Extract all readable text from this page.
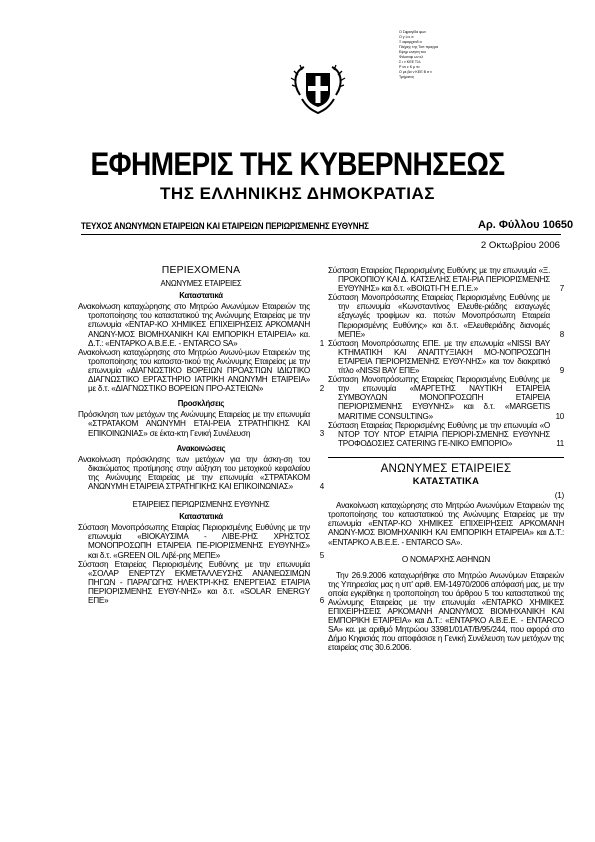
Ο Σφραγίδα φων
Ο γ ύ κ σ
Ξ αφαρχισιδ α
Πλήρης της Τυπ πραγρα
Εφημ ωνηση του
Φιλοσοφ ων κλ
Σ ι ν ΚΕΕ Τλλ
Ρ ον ε Κ μ το
Ο με βα ν ΚΕΕ Β σ ν
Τμήματος
ΕΦΗΜΕΡΙΣ ΤΗΣ ΚΥΒΕΡΝΗΣΕΩΣ
ΤΗΣ ΕΛΛΗΝΙΚΗΣ ΔΗΜΟΚΡΑΤΙΑΣ
ΤΕΥΧΟΣ ΑΝΩΝΥΜΩΝ ΕΤΑΙΡΕΙΩΝ ΚΑΙ ΕΤΑΙΡΕΙΩΝ ΠΕΡΙΩΡΙΣΜΕΝΗΣ ΕΥΘΥΝΗΣ	Αρ. Φύλλου 10650
2 Οκτωβρίου 2006
ΠΕΡΙΕΧΟΜΕΝΑ
ΑΝΩΝΥΜΕΣ ΕΤΑΙΡΕΙΕΣ
Καταστατικά

Ανακοίνωση καταχώρησης στο Μητρώο Ανωνύμων Εταιρειών της τροποποίησης του καταστατικού της Ανώνυμης Εταιρείας με την επωνυμία «ΕΝΤΑΡ-ΚΟ ΧΗΜΙΚΕΣ ΕΠΙΧΕΙΡΗΣΕΙΣ ΑΡΚΟΜΑΝΗ ΑΝΩΝΥ-ΜΟΣ ΒΙΟΜΗΧΑΝΙΚΗ ΚΑΙ ΕΜΠΟΡΙΚΗ ΕΤΑΙΡΕΙΑ» κα. Δ.Τ.: «ΕΝΤΑΡΚΟ Α.Β.Ε.Ε. - ENTARCO SA»	1

Ανακοίνωση καταχώρησης στο Μητρώο Ανωνύ-μων Εταιρειών της τροποποίησης του καταστα-τικού της Ανώνυμης Εταιρείας με την επωνυμία «ΔΙΑΓΝΩΣΤΙΚΟ ΒΟΡΕΙΩΝ ΠΡΟΑΣΤΙΩΝ ΙΔΙΩΤΙΚΟ ΔΙΑΓΝΩΣΤΙΚΟ ΕΡΓΑΣΤΗΡΙΟ ΙΑΤΡΙΚΗ ΑΝΩΝΥΜΗ ΕΤΑΙΡΕΙΑ» με δ.τ. «ΔΙΑΓΝΩΣΤΙΚΟ ΒΟΡΕΙΩΝ ΠΡΟ-ΑΣΤΕΙΩΝ»	2

Προσκλήσεις

Πρόσκληση των μετόχων της Ανώνυμης Εταιρείας με την επωνυμία «ΣΤΡΑΤΑΚΟΜ ΑΝΩΝΥΜΗ ΕΤΑΙ-ΡΕΙΑ ΣΤΡΑΤΗΓΙΚΗΣ ΚΑΙ ΕΠΙΚΟΙΝΩΝΙΑΣ» σε έκτα-κτη Γενική Συνέλευση	3

Ανακοινώσεις

Ανακοίνωση πρόσκλησης των μετόχων για την άσκη-ση του δικαιώματος προτίμησης στην αύξηση του μετοχικού κεφαλαίου της Ανώνυμης Εταιρείας με την επωνυμία «ΣΤΡΑΤΑΚΟΜ ΑΝΩΝΥΜΗ ΕΤΑΙΡΕΙΑ ΣΤΡΑΤΗΓΙΚΗΣ ΚΑΙ ΕΠΙΚΟΙΝΩΝΙΑΣ»	4

ΕΤΑΙΡΕΙΕΣ ΠΕΡΙΩΡΙΣΜΕΝΗΣ ΕΥΘΥΝΗΣ
Καταστατικά

Σύσταση Μονοπρόσωπης Εταιρίας Περιορισμένης Ευθύνης με την επωνυμία «ΒΙΟΚΑΥΣΙΜΑ - ΛΙΒΕ-ΡΗΣ ΧΡΗΣΤΟΣ ΜΟΝΟΠΡΟΣΩΠΗ ΕΤΑΙΡΕΙΑ ΠΕ-ΡΙΟΡΙΣΜΕΝΗΣ ΕΥΘΥΝΗΣ» και δ.τ. «GREEN OIL Λιβέ-ρης ΜΕΠΕ»	5

Σύσταση Εταιρείας Περιορισμένης Ευθύνης με την επωνυμία «ΣΟΛΑΡ ΕΝΕΡΤΖΥ ΕΚΜΕΤΑΛΛΕΥΣΗΣ ΑΝΑΝΕΩΣΙΜΩΝ ΠΗΓΩΝ - ΠΑΡΑΓΩΓΗΣ ΗΛΕΚΤΡΙ-ΚΗΣ ΕΝΕΡΓΕΙΑΣ ΕΤΑΙΡΙΑ ΠΕΡΙΟΡΙΣΜΕΝΗΣ ΕΥΘΥ-ΝΗΣ» και δ.τ. «SOLAR ENERGY ΕΠΕ»	6

Σύσταση Εταιρείας Περιορισμένης Ευθύνης με την επωνυμία «Ξ. ΠΡΟΚΟΠΙΟΥ ΚΑΙ Δ. ΚΑΤΣΕΛΗΣ ΕΤΑΙ-ΡΙΑ ΠΕΡΙΟΡΙΣΜΕΝΗΣ ΕΥΘΥΝΗΣ» και δ.τ. «ΒΟΙΩΤΙ-ΓΗ Ε.Π.Ε.»	7

Σύσταση Μονοπρόσωπης Εταιρείας Περιορισμένης Ευθύνης με την επωνυμία «Κωνσταντίνος Ελευθε-ριάδης εισαγωγές εξαγωγές τροφίμων κα. ποτών Μονοπρόσωπη Εταιρεία Περιορισμένης Ευθύνης» και δ.τ. «Ελευθεριάδης διανομές ΜΕΠΕ»	8

Σύσταση Μονοπρόσωπης ΕΠΕ. με την επωνυμία «NISSI BAY ΚΤΗΜΑΤΙΚΗ ΚΑΙ ΑΝΑΠΤΥΞΙΑΚΗ ΜΟ-ΝΟΠΡΟΣΩΠΗ ΕΤΑΙΡΕΙΑ ΠΕΡΙΟΡΙΣΜΕΝΗΣ ΕΥΘΥ-ΝΗΣ» και τον διακριτικό τίτλο «NISSI BAY ΕΠΕ»	9

Σύσταση Μονοπρόσωπης Εταιρείας Περιορισμένης Ευθύνης με την επωνυμία «ΜΑΡΓΕΤΗΣ ΝΑΥΤΙΚΗ ΕΤΑΙΡΕΙΑ ΣΥΜΒΟΥΛΩΝ ΜΟΝΟΠΡΟΣΩΠΗ ΕΤΑΙΡΕΙΑ ΠΕΡΙΟΡΙΣΜΕΝΗΣ ΕΥΘΥΝΗΣ» και δ.τ. «MARGETIS MARITIME CONSULTING»	10

Σύσταση Εταιρείας Περιορισμένης Ευθύνης με την επωνυμία «Ο ΝΤΟΡ ΤΟΥ ΝΤΟΡ ΕΤΑΙΡΙΑ ΠΕΡΙΟΡΙ-ΣΜΕΝΗΣ ΕΥΘΥΝΗΣ ΤΡΟΦΟΔΟΣΙΕΣ CATERING ΓΕ-ΝΙΚΟ ΕΜΠΟΡΙΟ»	11

ΑΝΩΝΥΜΕΣ ΕΤΑΙΡΕΙΕΣ
ΚΑΤΑΣΤΑΤΙΚΑ
(1)

Ανακοίνωση καταχώρησης στο Μητρώο Ανωνύμων Εταιρειών της τροποποίησης του καταστατικού της Ανώνυμης Εταιρείας με την επωνυμία «ΕΝΤΑΡ-ΚΟ ΧΗΜΙΚΕΣ ΕΠΙΧΕΙΡΗΣΕΙΣ ΑΡΚΟΜΑΝΗ ΑΝΩΝΥ-ΜΟΣ ΒΙΟΜΗΧΑΝΙΚΗ ΚΑΙ ΕΜΠΟΡΙΚΗ ΕΤΑΙΡΕΙΑ» και Δ.Τ.: «ΕΝΤΑΡΚΟ Α.Β.Ε.Ε. - ENTARCO SA».

Ο ΝΟΜΑΡΧΗΣ ΑΘΗΝΩΝ

Την 26.9.2006 καταχωρήθηκε στο Μητρώο Ανωνύμων Εταιρειών της Υπηρεσίας μας η υπ' αριθ. ΕΜ-14970/2006 απόφασή μας, με την οποία εγκρίθηκε η τροποποίηση του άρθρου 5 του καταστατικού της Ανώνυμης Εταιρείας με την επωνυμία «ΕΝΤΑΡΚΟ ΧΗΜΙΚΕΣ ΕΠΙΧΕΙΡΗΣΕΙΣ ΑΡΚΟΜΑΝΗ ΑΝΩΝΥΜΟΣ ΒΙΟΜΗΧΑΝΙΚΗ ΚΑΙ ΕΜΠΟΡΙΚΗ ΕΤΑΙΡΕΙΑ» και Δ.Τ.: «ΕΝΤΑΡΚΟ Α.Β.Ε.Ε. - ENTARCO SA» κα. με αριθμό Μητρώου 33981/01ΑΤ/Β/95/244, που αφορά στο Δήμο Κηφισιάς που αποφάσισε η Γενική Συνέλευση των μετόχων της εταιρείας στις 30.6.2006.
